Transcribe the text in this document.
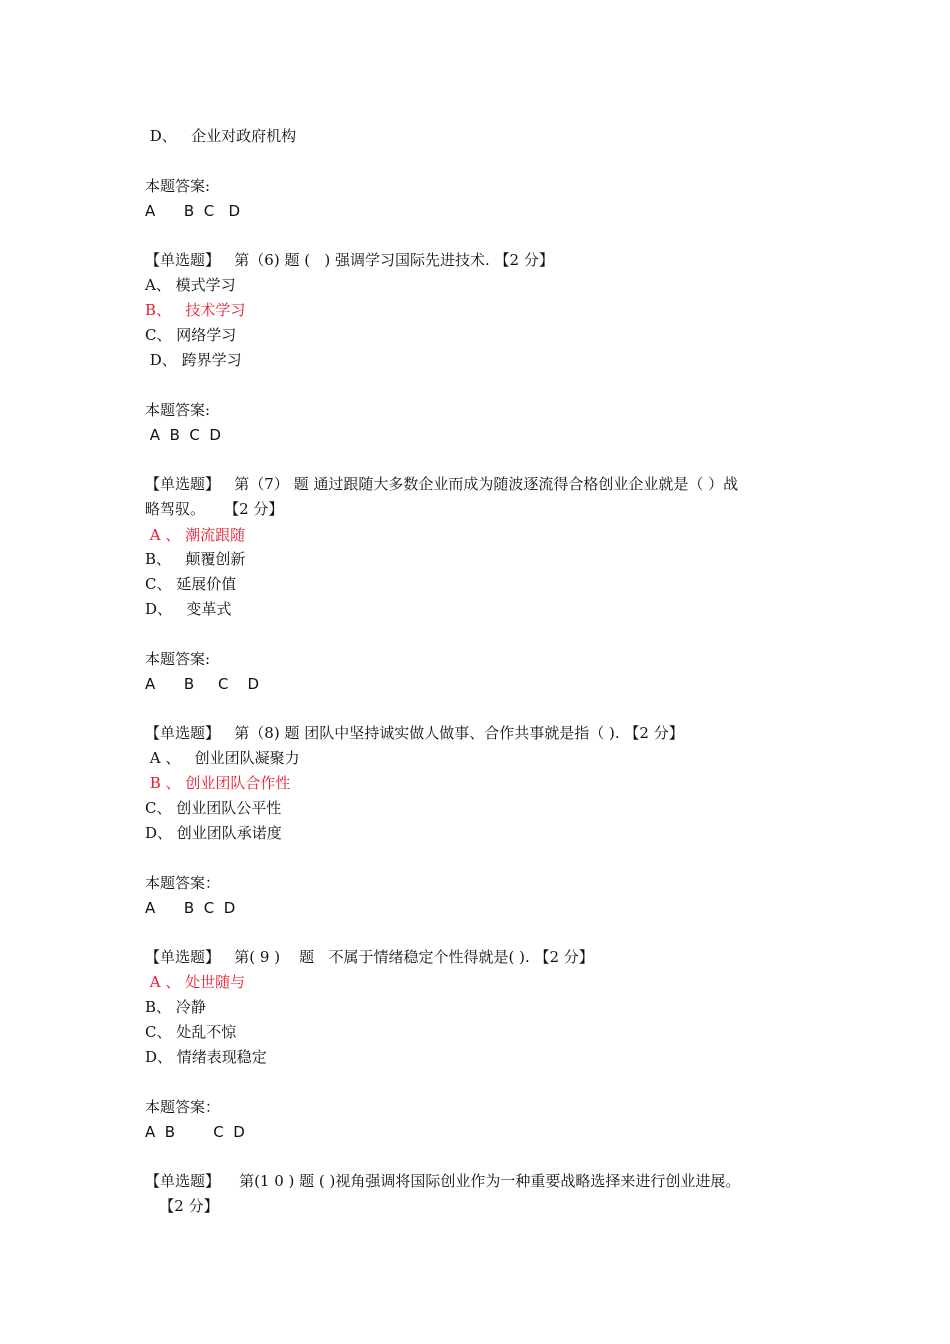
D、   企业对政府机构
本题答案:
A      B  C   D
【单选题】   第（6) 题 (   ) 强调学习国际先进技术. 【2 分】
A、 模式学习
B、   技术学习
C、 网络学习
D、 跨界学习
本题答案:
A  B  C  D
【单选题】   第（7） 题 通过跟随大多数企业而成为随波逐流得合格创业企业就是（ ）战
略驾驭。    【2 分】
A 、 潮流跟随
B、   颠覆创新
C、 延展价值
D、   变革式
本题答案:
A      B     C    D
【单选题】   第（8) 题 团队中坚持诚实做人做事、合作共事就是指（ ). 【2 分】
A 、   创业团队凝聚力
B 、 创业团队合作性
C、 创业团队公平性
D、 创业团队承诺度
本题答案：
A      B  C  D
【单选题】   第( 9 )    题   不属于情绪稳定个性得就是( ). 【2 分】
A 、 处世随与
B、 冷静
C、 处乱不惊
D、 情绪表现稳定
本题答案：
A  B        C  D
【单选题】    第(1 0 ) 题 ( )视角强调将国际创业作为一种重要战略选择来进行创业进展。
【2 分】
